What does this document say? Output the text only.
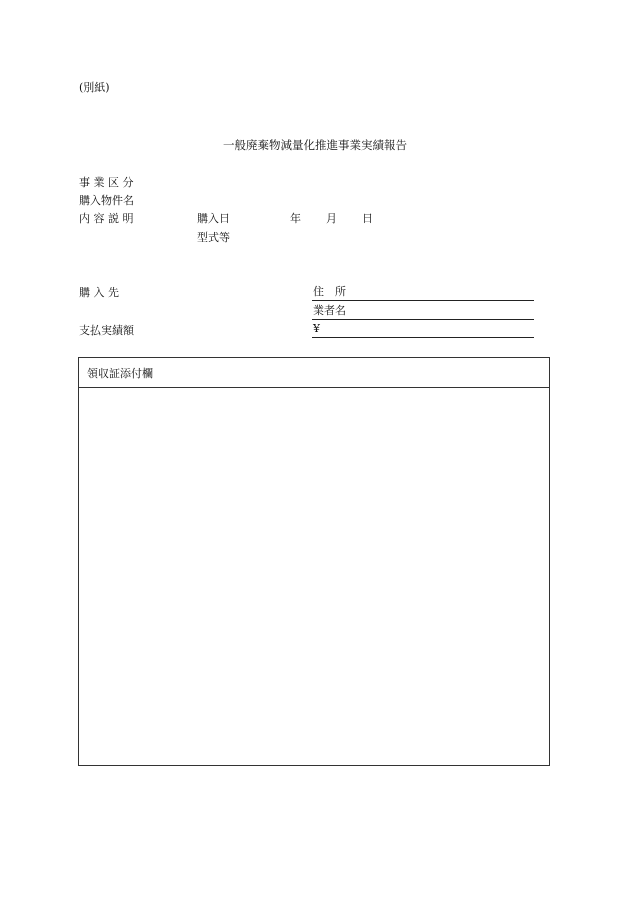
(別紙)
一般廃棄物減量化推進事業実績報告
事 業 区 分
購入物件名
内 容 説 明	購入日	年 月 日
型式等
購 入 先
支払実績額
住　所
業者名
¥
領収証添付欄
